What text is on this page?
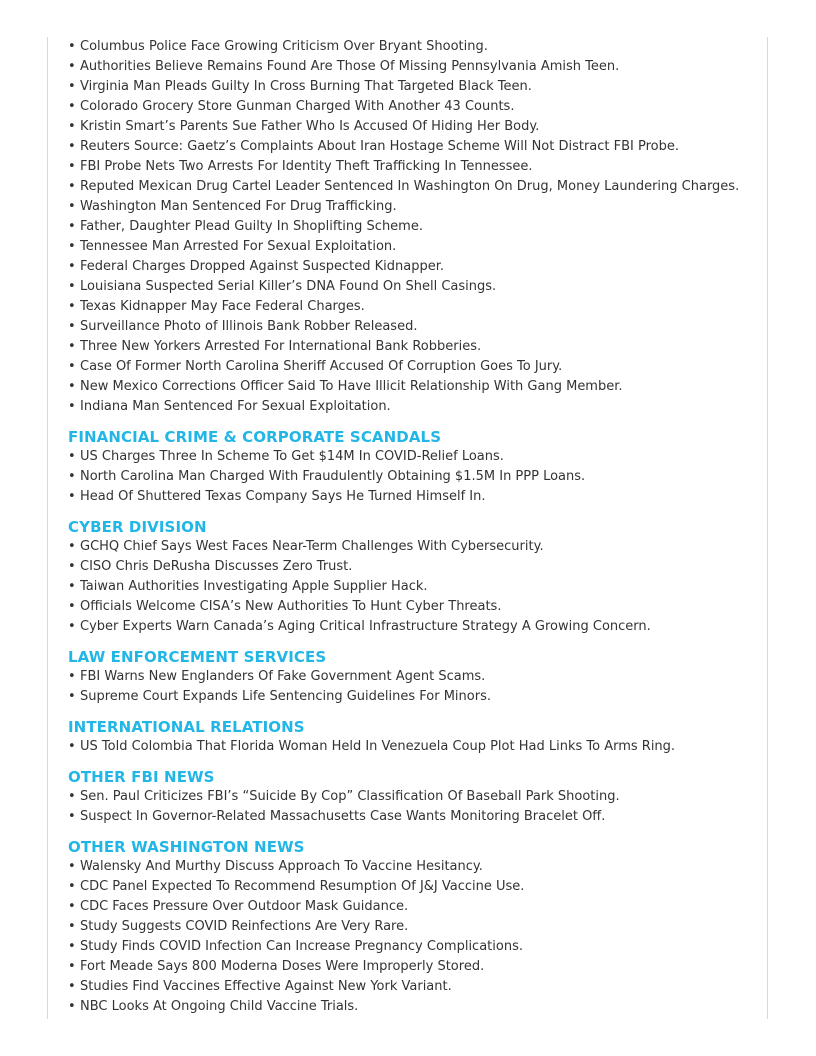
• Columbus Police Face Growing Criticism Over Bryant Shooting.
• Authorities Believe Remains Found Are Those Of Missing Pennsylvania Amish Teen.
• Virginia Man Pleads Guilty In Cross Burning That Targeted Black Teen.
• Colorado Grocery Store Gunman Charged With Another 43 Counts.
• Kristin Smart’s Parents Sue Father Who Is Accused Of Hiding Her Body.
• Reuters Source: Gaetz’s Complaints About Iran Hostage Scheme Will Not Distract FBI Probe.
• FBI Probe Nets Two Arrests For Identity Theft Trafficking In Tennessee.
• Reputed Mexican Drug Cartel Leader Sentenced In Washington On Drug, Money Laundering Charges.
• Washington Man Sentenced For Drug Trafficking.
• Father, Daughter Plead Guilty In Shoplifting Scheme.
• Tennessee Man Arrested For Sexual Exploitation.
• Federal Charges Dropped Against Suspected Kidnapper.
• Louisiana Suspected Serial Killer’s DNA Found On Shell Casings.
• Texas Kidnapper May Face Federal Charges.
• Surveillance Photo of Illinois Bank Robber Released.
• Three New Yorkers Arrested For International Bank Robberies.
• Case Of Former North Carolina Sheriff Accused Of Corruption Goes To Jury.
• New Mexico Corrections Officer Said To Have Illicit Relationship With Gang Member.
• Indiana Man Sentenced For Sexual Exploitation.
FINANCIAL CRIME & CORPORATE SCANDALS
• US Charges Three In Scheme To Get $14M In COVID-Relief Loans.
• North Carolina Man Charged With Fraudulently Obtaining $1.5M In PPP Loans.
• Head Of Shuttered Texas Company Says He Turned Himself In.
CYBER DIVISION
• GCHQ Chief Says West Faces Near-Term Challenges With Cybersecurity.
• CISO Chris DeRusha Discusses Zero Trust.
• Taiwan Authorities Investigating Apple Supplier Hack.
• Officials Welcome CISA’s New Authorities To Hunt Cyber Threats.
• Cyber Experts Warn Canada’s Aging Critical Infrastructure Strategy A Growing Concern.
LAW ENFORCEMENT SERVICES
• FBI Warns New Englanders Of Fake Government Agent Scams.
• Supreme Court Expands Life Sentencing Guidelines For Minors.
INTERNATIONAL RELATIONS
• US Told Colombia That Florida Woman Held In Venezuela Coup Plot Had Links To Arms Ring.
OTHER FBI NEWS
• Sen. Paul Criticizes FBI’s “Suicide By Cop” Classification Of Baseball Park Shooting.
• Suspect In Governor-Related Massachusetts Case Wants Monitoring Bracelet Off.
OTHER WASHINGTON NEWS
• Walensky And Murthy Discuss Approach To Vaccine Hesitancy.
• CDC Panel Expected To Recommend Resumption Of J&J Vaccine Use.
• CDC Faces Pressure Over Outdoor Mask Guidance.
• Study Suggests COVID Reinfections Are Very Rare.
• Study Finds COVID Infection Can Increase Pregnancy Complications.
• Fort Meade Says 800 Moderna Doses Were Improperly Stored.
• Studies Find Vaccines Effective Against New York Variant.
• NBC Looks At Ongoing Child Vaccine Trials.
